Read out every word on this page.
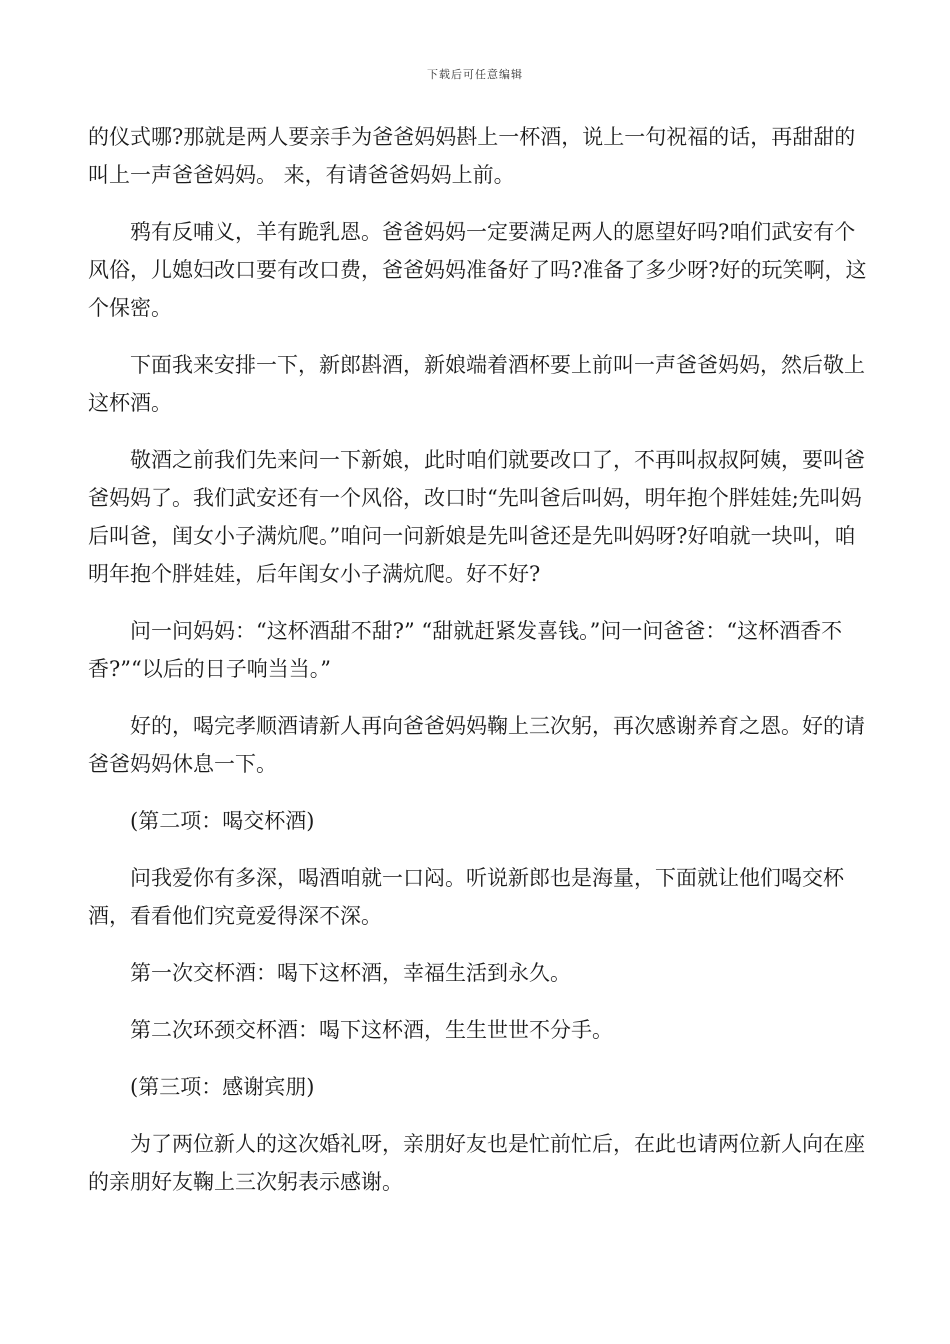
下载后可任意编辑

的仪式哪?那就是两人要亲手为爸爸妈妈斟上一杯酒，说上一句祝福的话，再甜甜的叫上一声爸爸妈妈。 来，有请爸爸妈妈上前。

鸦有反哺义，羊有跪乳恩。爸爸妈妈一定要满足两人的愿望好吗?咱们武安有个风俗，儿媳妇改口要有改口费，爸爸妈妈准备好了吗?准备了多少呀?好的玩笑啊，这个保密。

下面我来安排一下，新郎斟酒，新娘端着酒杯要上前叫一声爸爸妈妈，然后敬上这杯酒。

敬酒之前我们先来问一下新娘，此时咱们就要改口了，不再叫叔叔阿姨，要叫爸爸妈妈了。我们武安还有一个风俗，改口时“先叫爸后叫妈，明年抱个胖娃娃;先叫妈后叫爸，闺女小子满炕爬。”咱问一问新娘是先叫爸还是先叫妈呀?好咱就一块叫，咱明年抱个胖娃娃，后年闺女小子满炕爬。好不好?

问一问妈妈：“这杯酒甜不甜?” “甜就赶紧发喜钱。”问一问爸爸：“这杯酒香不香?”“以后的日子响当当。”

好的，喝完孝顺酒请新人再向爸爸妈妈鞠上三次躬，再次感谢养育之恩。好的请爸爸妈妈休息一下。

(第二项：喝交杯酒)

问我爱你有多深，喝酒咱就一口闷。听说新郎也是海量，下面就让他们喝交杯酒，看看他们究竟爱得深不深。

第一次交杯酒：喝下这杯酒，幸福生活到永久。

第二次环颈交杯酒：喝下这杯酒，生生世世不分手。

(第三项：感谢宾朋)

为了两位新人的这次婚礼呀，亲朋好友也是忙前忙后，在此也请两位新人向在座的亲朋好友鞠上三次躬表示感谢。
